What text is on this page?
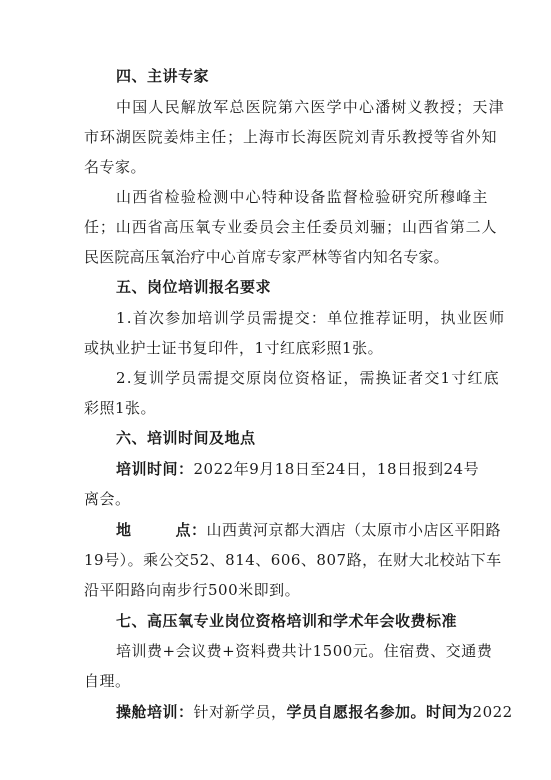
四、主讲专家

中国人民解放军总医院第六医学中心潘树义教授；天津

市环湖医院姜炜主任；上海市长海医院刘青乐教授等省外知

名专家。

山西省检验检测中心特种设备监督检验研究所穆峰主

任；山西省高压氧专业委员会主任委员刘骊；山西省第二人

民医院高压氧治疗中心首席专家严林等省内知名专家。

五、岗位培训报名要求

1.首次参加培训学员需提交：单位推荐证明，执业医师

或执业护士证书复印件，1寸红底彩照1张。

2.复训学员需提交原岗位资格证，需换证者交1寸红底

彩照1张。

六、培训时间及地点

培训时间：2022年9月18日至24日，18日报到24号

离会。

地	点：山西黄河京都大酒店（太原市小店区平阳路

19号）。乘公交52、814、606、807路，在财大北校站下车

沿平阳路向南步行500米即到。

七、高压氧专业岗位资格培训和学术年会收费标准

培训费+会议费+资料费共计1500元。住宿费、交通费

自理。

操舱培训：针对新学员，学员自愿报名参加。时间为2022
